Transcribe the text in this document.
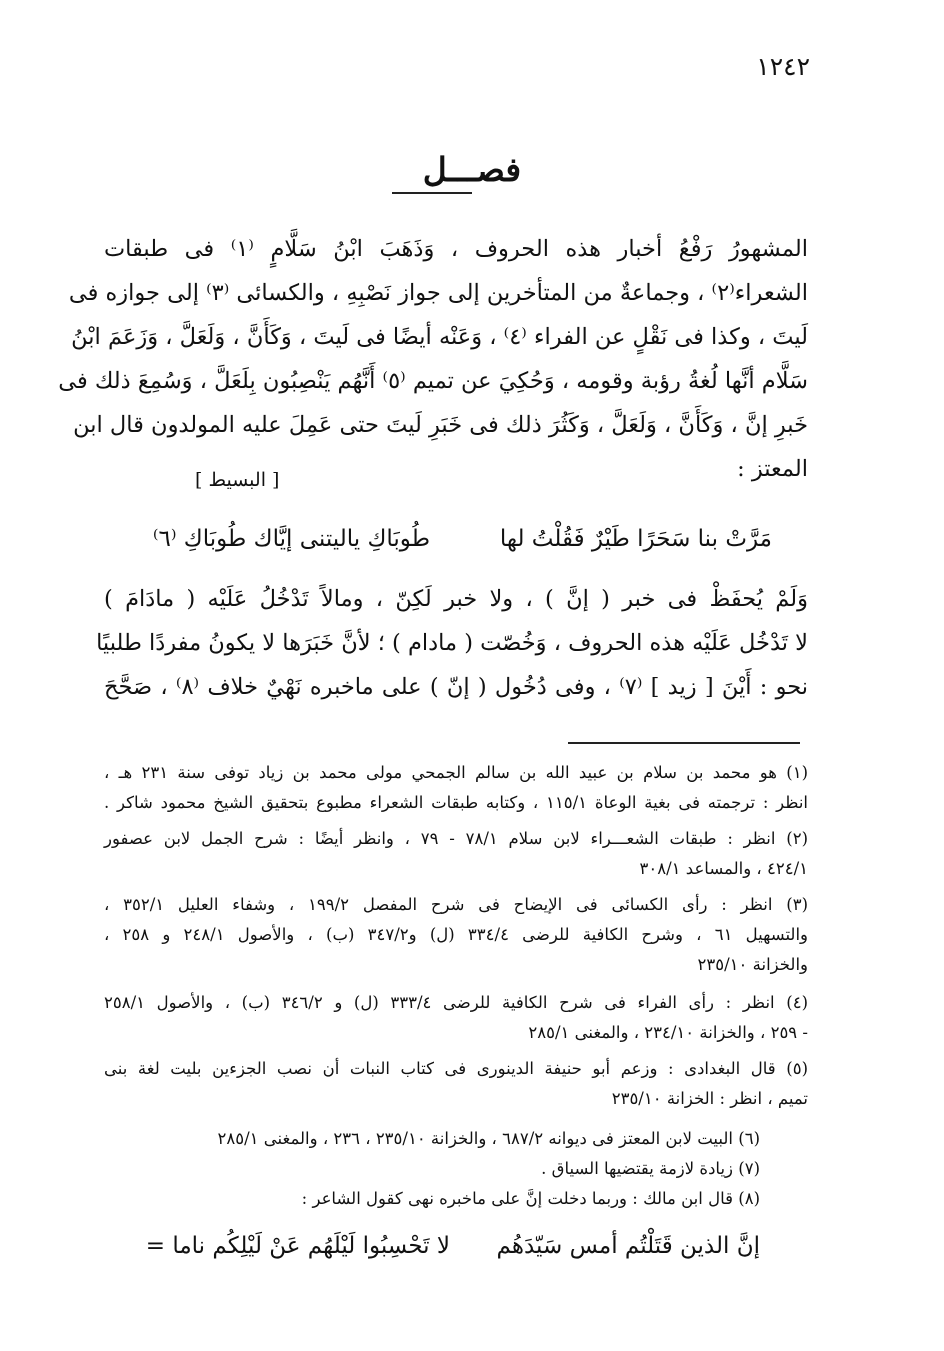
١٢٤٢
فصـــل
المشهورُ رَفْعُ أخبار هذه الحروف ، وَذَهَبَ ابْنُ سَلَّامٍ ⁽١⁾ فى طبقات
الشعراء⁽٢⁾ ، وجماعةٌ من المتأخرين إلى جواز نَصْبِهِ ، والكسائى ⁽٣⁾ إلى جوازه فى
لَيتَ ، وكذا فى نَقْلٍ عن الفراء ⁽٤⁾ ، وَعَنْه أيضًا فى لَيتَ ، وَكَأَنَّ ، وَلَعَلَّ ، وَزَعَمَ ابْنُ
سَلَّام أنَّها لُغةُ رؤبة وقومه ، وَحُكِيَ عن تميم ⁽٥⁾ أَنَّهُم يَنْصِبُون بِلَعَلَّ ، وَسُمِعَ ذلك فى
خَبرِ إنَّ ، وَكَأَنَّ ، وَلَعَلَّ ، وَكَثُرَ ذلك فى خَبَرِ لَيتَ حتى عَمِلَ عليه المولدون قال ابن
المعتز :
[ البسيط ]
مَرَّتْ بنا سَحَرًا طَيْرٌ فَقُلْتُ لها
طُوبَاكِ ياليتنى إيَّاك طُوبَاكِ ⁽٦⁾
وَلَمْ يُحفَظْ فى خبر ( إنَّ ) ، ولا خبر لَكِنّ ، ومالاً تَدْخُلُ عَلَيْه ( مادَامَ )
لا تَدْخُل عَلَيْه هذه الحروف ، وَخُصّت ( مادام ) ؛ لأنَّ خَبَرَها لا يكونُ مفردًا طلبيًا
نحو : أَيْنَ [ زيد ] ⁽٧⁾ ، وفى دُخُول ( إنّ ) على ماخبره نَهْيٌ خلاف ⁽٨⁾ ، صَحَّحَ
(١) هو محمد بن سلام بن عبيد الله بن سالم الجمحي مولى محمد بن زياد توفى سنة ٢٣١ هـ ،
انظر : ترجمته فى بغية الوعاة ١١٥/١ ، وكتابه طبقات الشعراء مطبوع بتحقيق الشيخ محمود شاكر .
(٢) انظر : طبقات الشعـــراء لابن سلام ٧٨/١ - ٧٩ ، وانظر أيضًا : شرح الجمل لابن عصفور
٤٢٤/١ ، والمساعد ٣٠٨/١
(٣) انظر : رأى الكسائى فى الإيضاح فى شرح المفصل ١٩٩/٢ ، وشفاء العليل ٣٥٢/١ ،
والتسهيل ٦١ ، وشرح الكافية للرضى ٣٣٤/٤ (ل) و٣٤٧/٢ (ب) ، والأصول ٢٤٨/١ و ٢٥٨ ،
والخزانة ٢٣٥/١٠
(٤) انظر : رأى الفراء فى شرح الكافية للرضى ٣٣٣/٤ (ل) و ٣٤٦/٢ (ب) ، والأصول ٢٥٨/١
- ٢٥٩ ، والخزانة ٢٣٤/١٠ ، والمغنى ٢٨٥/١
(٥) قال البغدادى : وزعم أبو حنيفة الدينورى فى كتاب النبات أن نصب الجزءين بليت لغة بنى
تميم ، انظر : الخزانة ٢٣٥/١٠
(٦) البيت لابن المعتز فى ديوانه ٦٨٧/٢ ، والخزانة ٢٣٥/١٠ ، ٢٣٦ ، والمغنى ٢٨٥/١
(٧) زيادة لازمة يقتضيها السياق .
(٨) قال ابن مالك : وربما دخلت إنَّ على ماخبره نهى كقول الشاعر :
إنَّ الذين قَتَلْتُم أمس سَيّدَهُم
لا تَحْسِبُوا لَيْلَهُم عَنْ لَيْلِكُم ناما =
